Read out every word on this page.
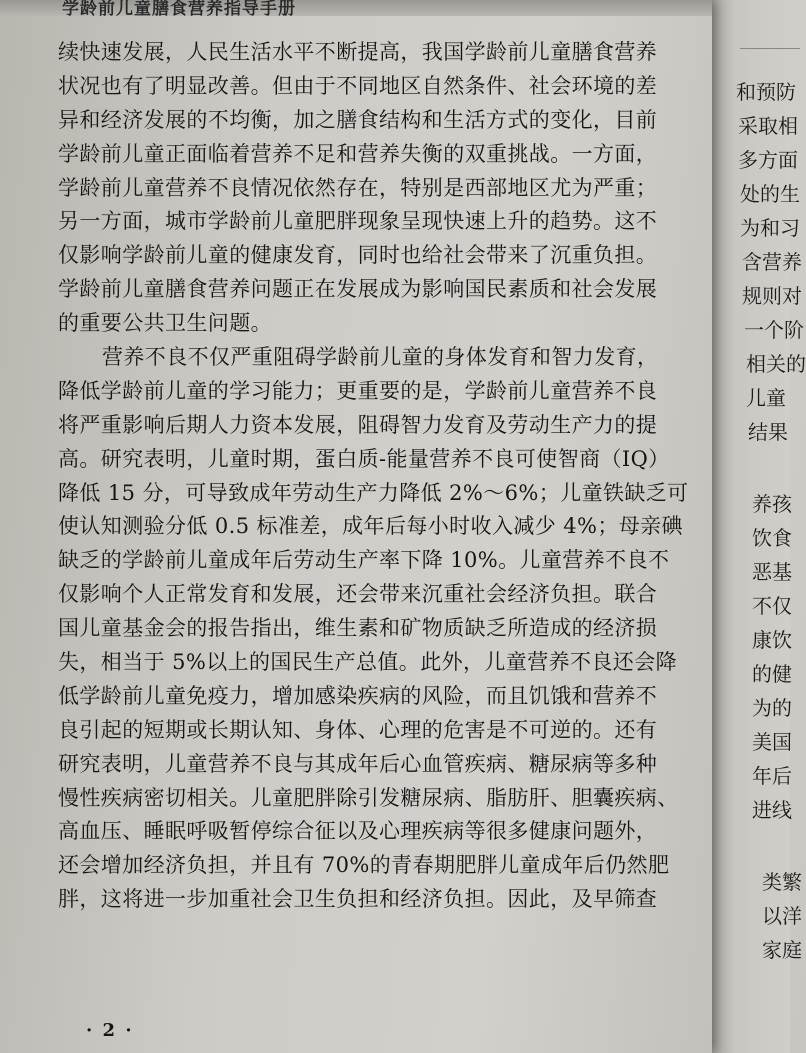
学龄前儿童膳食营养指导手册
续快速发展，人民生活水平不断提高，我国学龄前儿童膳食营养
状况也有了明显改善。但由于不同地区自然条件、社会环境的差
异和经济发展的不均衡，加之膳食结构和生活方式的变化，目前
学龄前儿童正面临着营养不足和营养失衡的双重挑战。一方面，
学龄前儿童营养不良情况依然存在，特别是西部地区尤为严重；
另一方面，城市学龄前儿童肥胖现象呈现快速上升的趋势。这不
仅影响学龄前儿童的健康发育，同时也给社会带来了沉重负担。
学龄前儿童膳食营养问题正在发展成为影响国民素质和社会发展
的重要公共卫生问题。
营养不良不仅严重阻碍学龄前儿童的身体发育和智力发育，
降低学龄前儿童的学习能力；更重要的是，学龄前儿童营养不良
将严重影响后期人力资本发展，阻碍智力发育及劳动生产力的提
高。研究表明，儿童时期，蛋白质-能量营养不良可使智商（IQ）
降低 15 分，可导致成年劳动生产力降低 2%～6%；儿童铁缺乏可
使认知测验分低 0.5 标准差，成年后每小时收入减少 4%；母亲碘
缺乏的学龄前儿童成年后劳动生产率下降 10%。儿童营养不良不
仅影响个人正常发育和发展，还会带来沉重社会经济负担。联合
国儿童基金会的报告指出，维生素和矿物质缺乏所造成的经济损
失，相当于 5%以上的国民生产总值。此外，儿童营养不良还会降
低学龄前儿童免疫力，增加感染疾病的风险，而且饥饿和营养不
良引起的短期或长期认知、身体、心理的危害是不可逆的。还有
研究表明，儿童营养不良与其成年后心血管疾病、糖尿病等多种
慢性疾病密切相关。儿童肥胖除引发糖尿病、脂肪肝、胆囊疾病、
高血压、睡眠呼吸暂停综合征以及心理疾病等很多健康问题外，
还会增加经济负担，并且有 70%的青春期肥胖儿童成年后仍然肥
胖，这将进一步加重社会卫生负担和经济负担。因此，及早筛查
· 2 ·
和预防
采取相
多方面
处的生
为和习
含营养
规则对
一个阶
相关的
儿童
结果
养孩
饮食
恶基
不仅
康饮
的健
为的
美国
年后
进线
类繁
以洋
家庭
